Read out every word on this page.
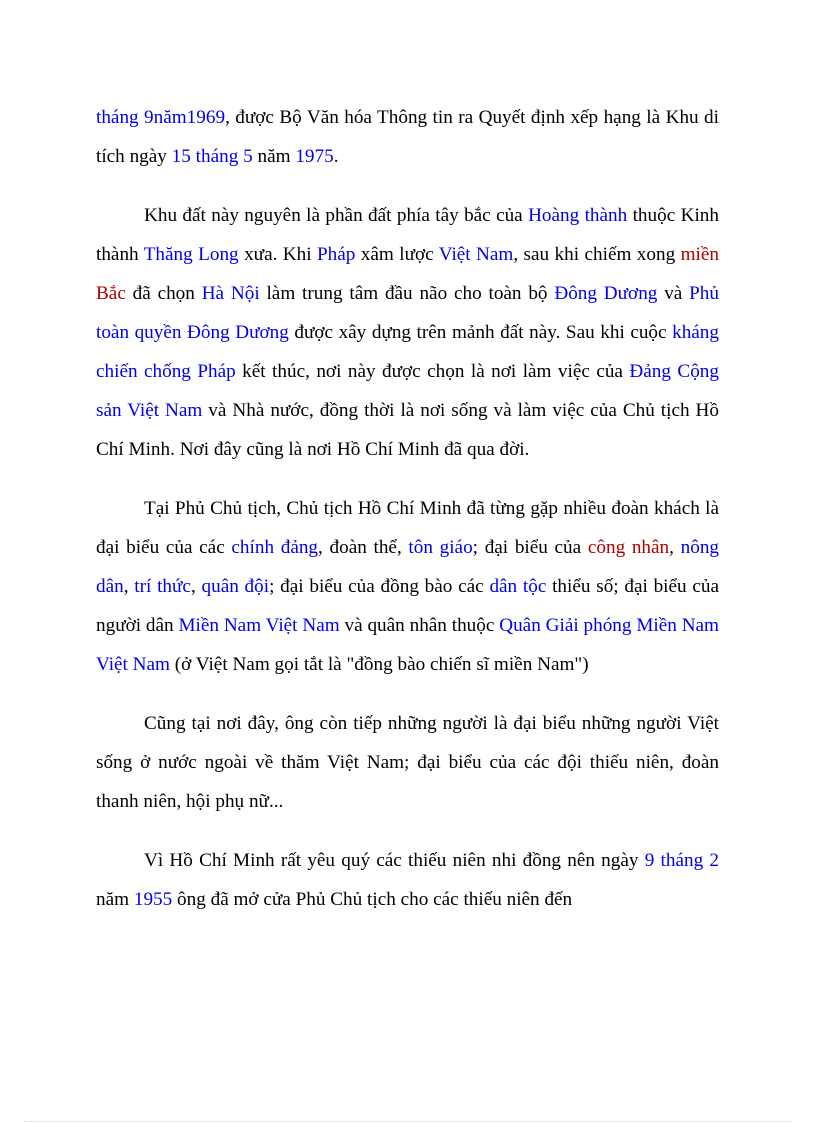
tháng 9năm1969, được Bộ Văn hóa Thông tin ra Quyết định xếp hạng là Khu di tích ngày 15 tháng 5 năm 1975.

Khu đất này nguyên là phần đất phía tây bắc của Hoàng thành thuộc Kinh thành Thăng Long xưa. Khi Pháp xâm lược Việt Nam, sau khi chiếm xong miền Bắc đã chọn Hà Nội làm trung tâm đầu não cho toàn bộ Đông Dương và Phủ toàn quyền Đông Dương được xây dựng trên mảnh đất này. Sau khi cuộc kháng chiến chống Pháp kết thúc, nơi này được chọn là nơi làm việc của Đảng Cộng sản Việt Nam và Nhà nước, đồng thời là nơi sống và làm việc của Chủ tịch Hồ Chí Minh. Nơi đây cũng là nơi Hồ Chí Minh đã qua đời.

Tại Phủ Chủ tịch, Chủ tịch Hồ Chí Minh đã từng gặp nhiều đoàn khách là đại biểu của các chính đảng, đoàn thể, tôn giáo; đại biểu của công nhân, nông dân, trí thức, quân đội; đại biểu của đồng bào các dân tộc thiểu số; đại biểu của người dân Miền Nam Việt Nam và quân nhân thuộc Quân Giải phóng Miền Nam Việt Nam (ở Việt Nam gọi tắt là "đồng bào chiến sĩ miền Nam")

Cũng tại nơi đây, ông còn tiếp những người là đại biểu những người Việt sống ở nước ngoài về thăm Việt Nam; đại biểu của các đội thiếu niên, đoàn thanh niên, hội phụ nữ...

Vì Hồ Chí Minh rất yêu quý các thiếu niên nhi đồng nên ngày 9 tháng 2 năm 1955 ông đã mở cửa Phủ Chủ tịch cho các thiếu niên đến
